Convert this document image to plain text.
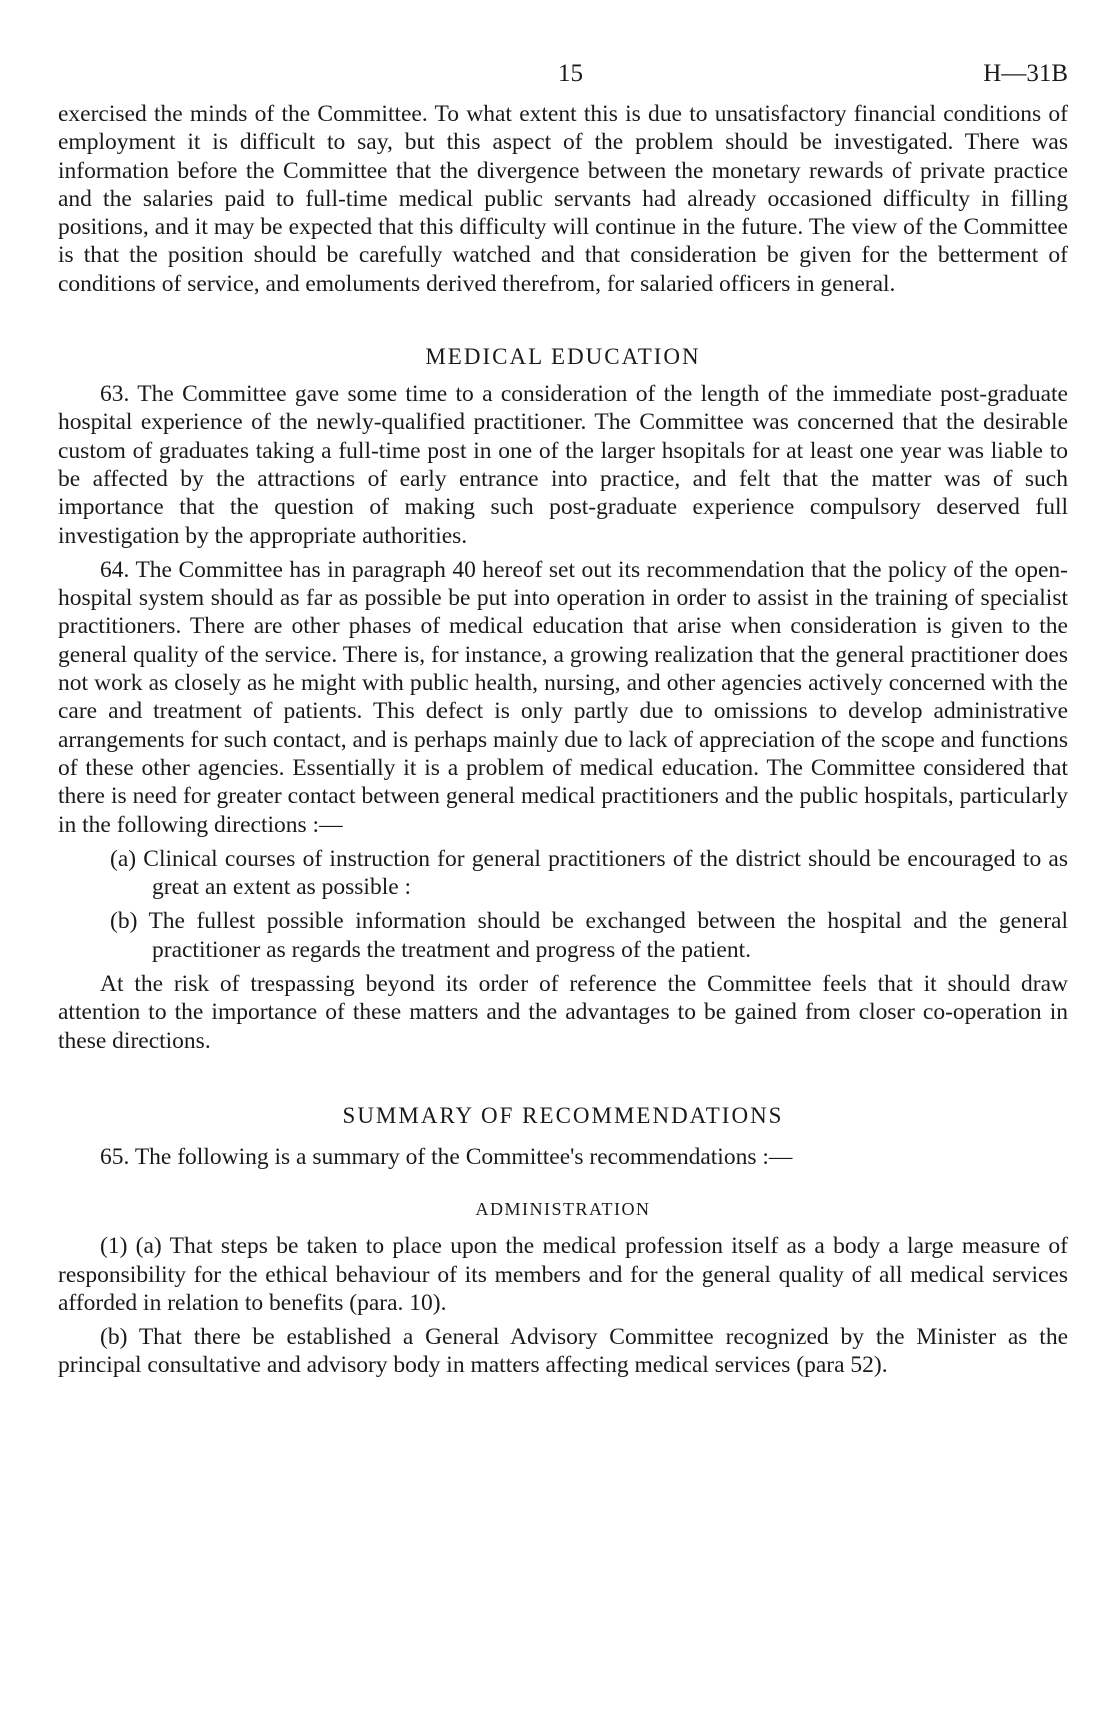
15	H—31B

exercised the minds of the Committee. To what extent this is due to unsatisfactory financial conditions of employment it is difficult to say, but this aspect of the problem should be investigated. There was information before the Committee that the divergence between the monetary rewards of private practice and the salaries paid to full-time medical public servants had already occasioned difficulty in filling positions, and it may be expected that this difficulty will continue in the future. The view of the Committee is that the position should be carefully watched and that consideration be given for the betterment of conditions of service, and emoluments derived therefrom, for salaried officers in general.

MEDICAL EDUCATION

63. The Committee gave some time to a consideration of the length of the immediate post-graduate hospital experience of the newly-qualified practitioner. The Committee was concerned that the desirable custom of graduates taking a full-time post in one of the larger hsopitals for at least one year was liable to be affected by the attractions of early entrance into practice, and felt that the matter was of such importance that the question of making such post-graduate experience compulsory deserved full investigation by the appropriate authorities.

64. The Committee has in paragraph 40 hereof set out its recommendation that the policy of the open-hospital system should as far as possible be put into operation in order to assist in the training of specialist practitioners. There are other phases of medical education that arise when consideration is given to the general quality of the service. There is, for instance, a growing realization that the general practitioner does not work as closely as he might with public health, nursing, and other agencies actively concerned with the care and treatment of patients. This defect is only partly due to omissions to develop administrative arrangements for such contact, and is perhaps mainly due to lack of appreciation of the scope and functions of these other agencies. Essentially it is a problem of medical education. The Committee considered that there is need for greater contact between general medical practitioners and the public hospitals, particularly in the following directions :—

(a) Clinical courses of instruction for general practitioners of the district should be encouraged to as great an extent as possible :

(b) The fullest possible information should be exchanged between the hospital and the general practitioner as regards the treatment and progress of the patient.

At the risk of trespassing beyond its order of reference the Committee feels that it should draw attention to the importance of these matters and the advantages to be gained from closer co-operation in these directions.

SUMMARY OF RECOMMENDATIONS

65. The following is a summary of the Committee's recommendations :—

ADMINISTRATION

(1) (a) That steps be taken to place upon the medical profession itself as a body a large measure of responsibility for the ethical behaviour of its members and for the general quality of all medical services afforded in relation to benefits (para. 10).

(b) That there be established a General Advisory Committee recognized by the Minister as the principal consultative and advisory body in matters affecting medical services (para 52).
